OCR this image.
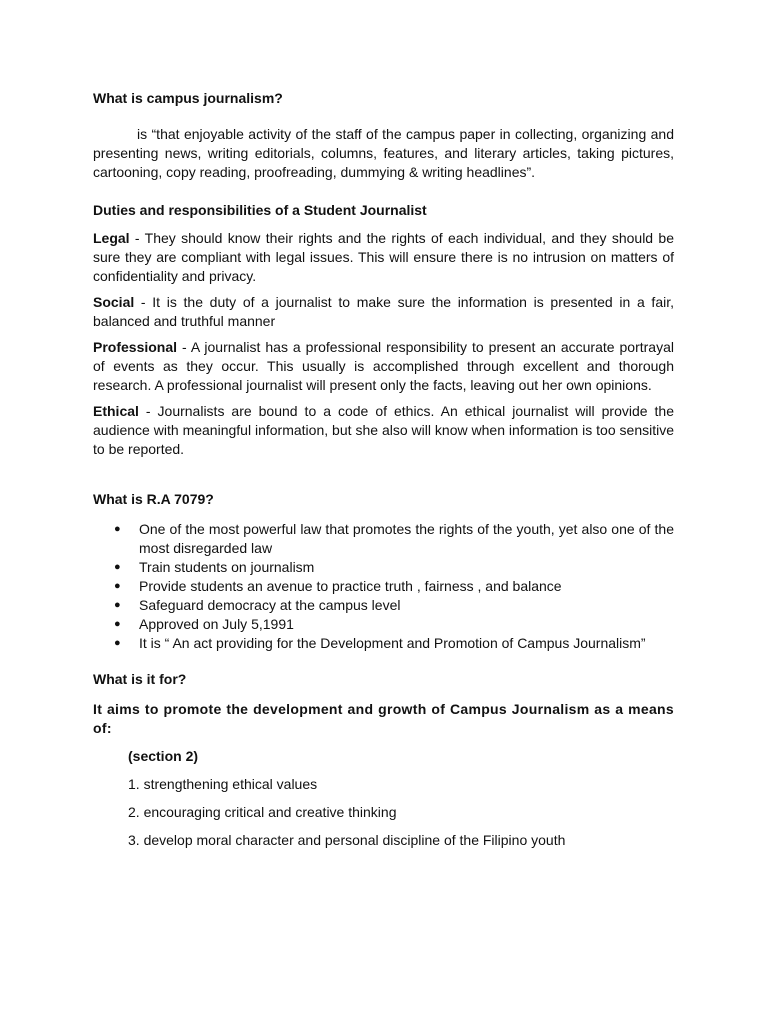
What is campus journalism?

is “that enjoyable activity of the staff of the campus paper in collecting, organizing and presenting news, writing editorials, columns, features, and literary articles, taking pictures, cartooning, copy reading, proofreading, dummying & writing headlines”.

Duties and responsibilities of a Student Journalist

Legal - They should know their rights and the rights of each individual, and they should be sure they are compliant with legal issues. This will ensure there is no intrusion on matters of confidentiality and privacy.

Social - It is the duty of a journalist to make sure the information is presented in a fair, balanced and truthful manner

Professional - A journalist has a professional responsibility to present an accurate portrayal of events as they occur. This usually is accomplished through excellent and thorough research. A professional journalist will present only the facts, leaving out her own opinions.

Ethical - Journalists are bound to a code of ethics. An ethical journalist will provide the audience with meaningful information, but she also will know when information is too sensitive to be reported.

What is R.A 7079?
● One of the most powerful law that promotes the rights of the youth, yet also one of the most disregarded law
● Train students on journalism
● Provide students an avenue to practice truth , fairness , and balance
● Safeguard democracy at the campus level
● Approved on July 5,1991
● It is “ An act providing for the Development and Promotion of Campus Journalism”
What is it for?

It aims to promote the development and growth of Campus Journalism as a means of:

(section 2)

1. strengthening ethical values

2. encouraging critical and creative thinking

3. develop moral character and personal discipline of the Filipino youth
